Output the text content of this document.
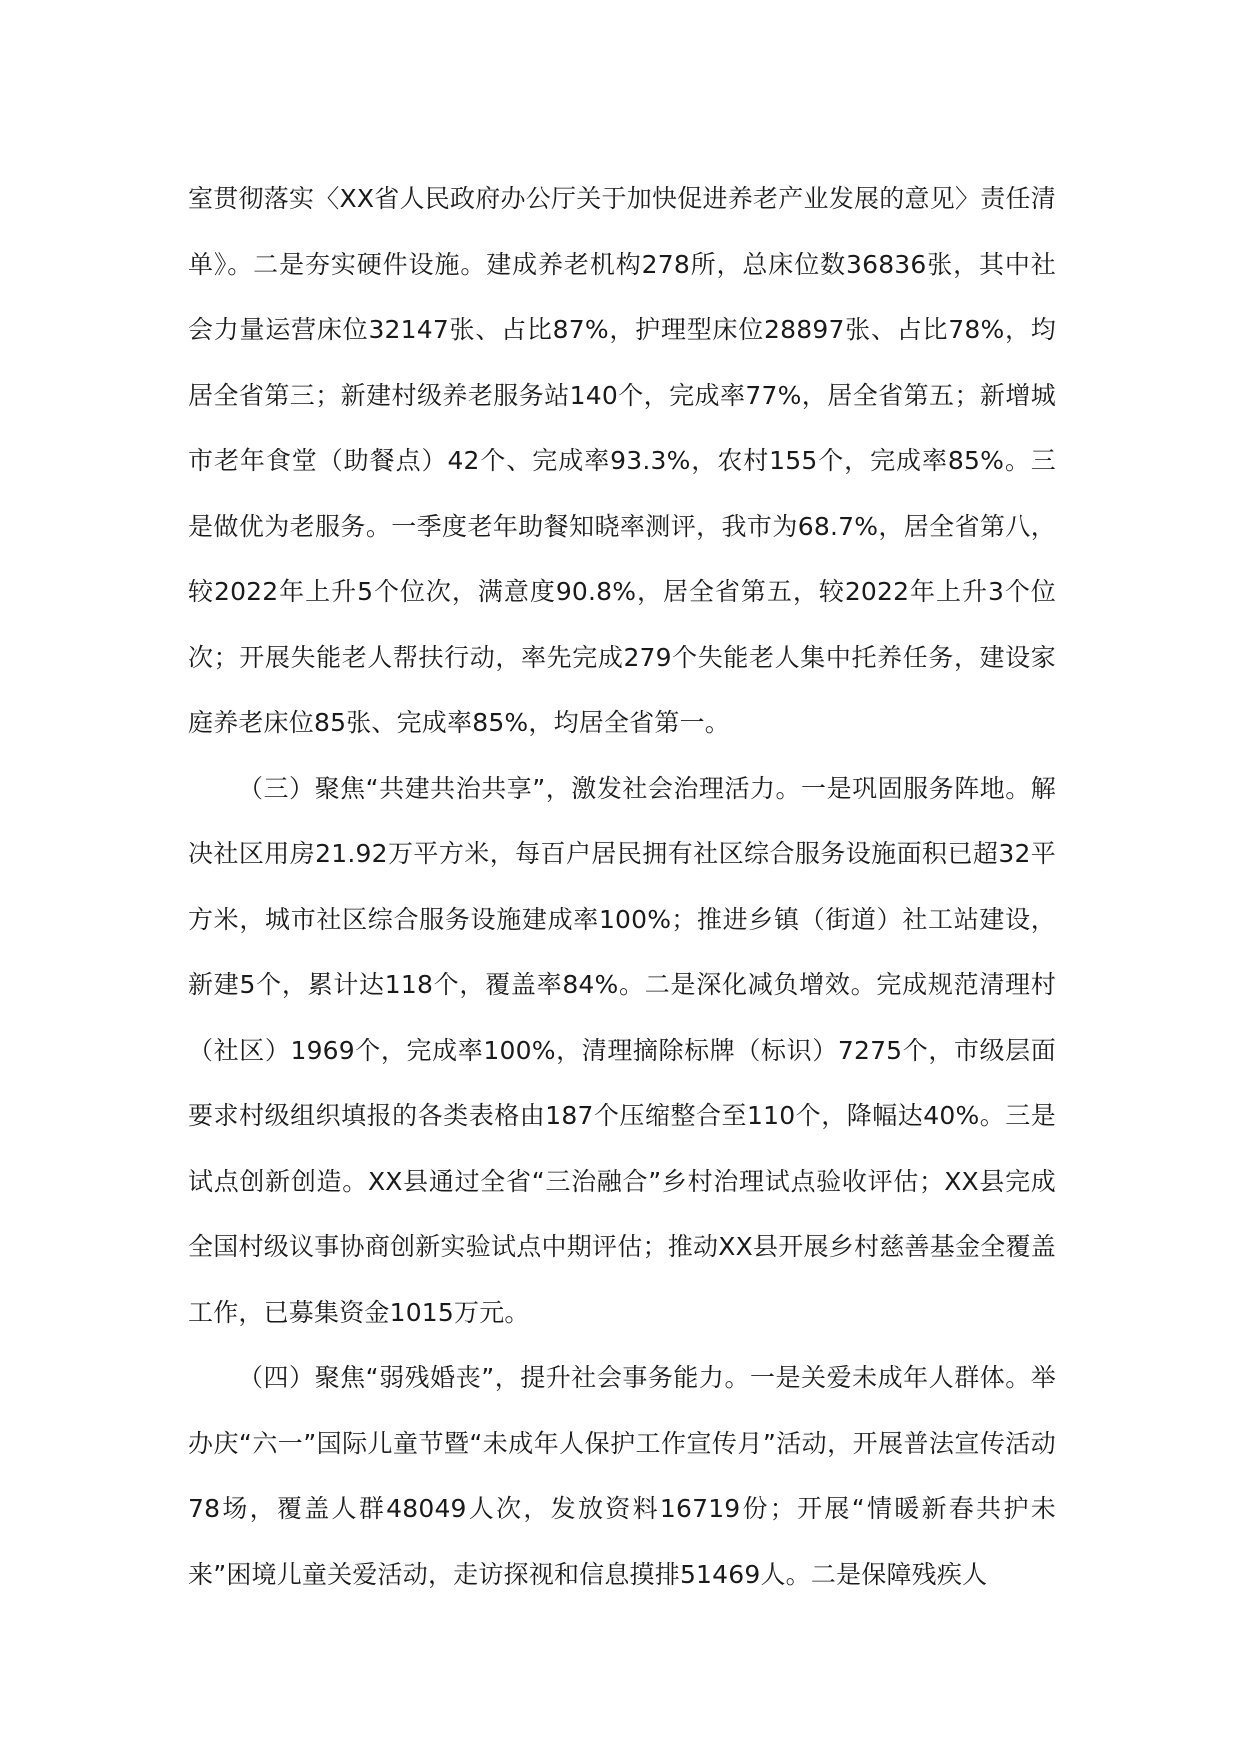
室贯彻落实〈XX省人民政府办公厅关于加快促进养老产业发展的意见〉责任清单》。二是夯实硬件设施。建成养老机构278所，总床位数36836张，其中社会力量运营床位32147张、占比87%，护理型床位28897张、占比78%，均居全省第三；新建村级养老服务站140个，完成率77%，居全省第五；新增城市老年食堂（助餐点）42个、完成率93.3%，农村155个，完成率85%。三是做优为老服务。一季度老年助餐知晓率测评，我市为68.7%，居全省第八，较2022年上升5个位次，满意度90.8%，居全省第五，较2022年上升3个位次；开展失能老人帮扶行动，率先完成279个失能老人集中托养任务，建设家庭养老床位85张、完成率85%，均居全省第一。

（三）聚焦“共建共治共享”，激发社会治理活力。一是巩固服务阵地。解决社区用房21.92万平方米，每百户居民拥有社区综合服务设施面积已超32平方米，城市社区综合服务设施建成率100%；推进乡镇（街道）社工站建设，新建5个，累计达118个，覆盖率84%。二是深化减负增效。完成规范清理村（社区）1969个，完成率100%，清理摘除标牌（标识）7275个，市级层面要求村级组织填报的各类表格由187个压缩整合至110个，降幅达40%。三是试点创新创造。XX县通过全省“三治融合”乡村治理试点验收评估；XX县完成全国村级议事协商创新实验试点中期评估；推动XX县开展乡村慈善基金全覆盖工作，已募集资金1015万元。

（四）聚焦“弱残婚丧”，提升社会事务能力。一是关爱未成年人群体。举办庆“六一”国际儿童节暨“未成年人保护工作宣传月”活动，开展普法宣传活动78场，覆盖人群48049人次，发放资料16719份；开展“情暖新春共护未来”困境儿童关爱活动，走访探视和信息摸排51469人。二是保障残疾人
